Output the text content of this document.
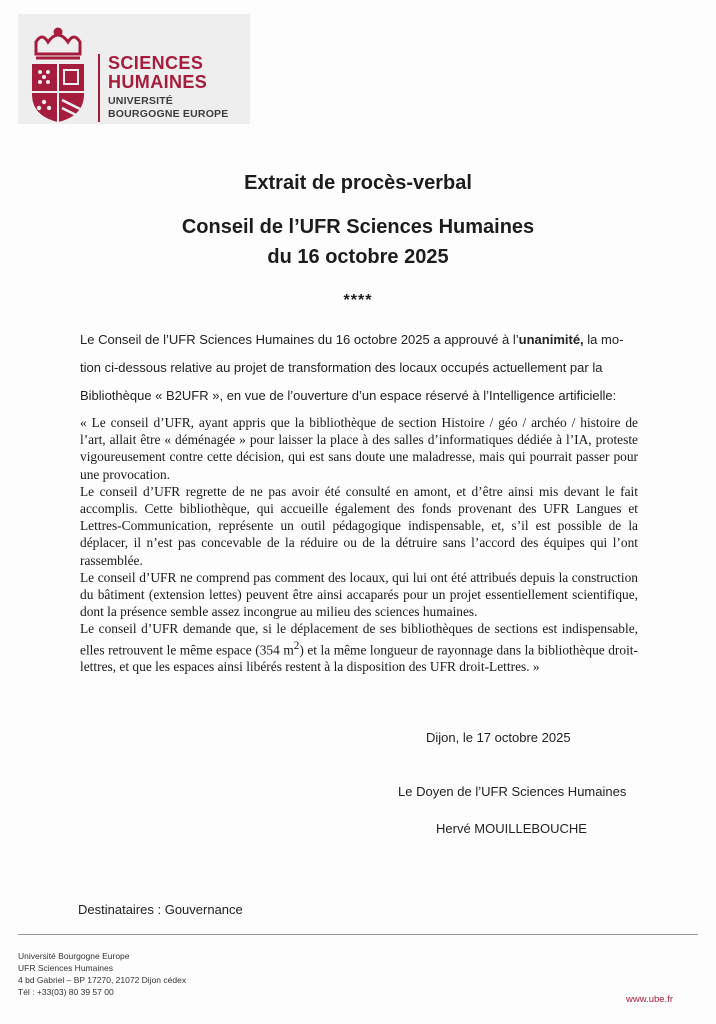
SCIENCES
HUMAINES
UNIVERSITÉ
BOURGOGNE EUROPE
Extrait de procès-verbal
Conseil de l’UFR Sciences Humaines
du 16 octobre 2025
****
Le Conseil de l’UFR Sciences Humaines du 16 octobre 2025 a approuvé à l’unanimité, la mo-
tion ci-dessous relative au projet de transformation des locaux occupés actuellement par la
Bibliothèque « B2UFR », en vue de l’ouverture d’un espace réservé à l’Intelligence artificielle:

« Le conseil d’UFR, ayant appris que la bibliothèque de section Histoire / géo / archéo / histoire de l’art, allait être « déménagée » pour laisser la place à des salles d’informatiques dédiée à l’IA, proteste vigoureusement contre cette décision, qui est sans doute une maladresse, mais qui pourrait passer pour une provocation.

Le conseil d’UFR regrette de ne pas avoir été consulté en amont, et d’être ainsi mis devant le fait accomplis. Cette bibliothèque, qui accueille également des fonds provenant des UFR Langues et Lettres-Communication, représente un outil pédagogique indispensable, et, s’il est possible de la déplacer, il n’est pas concevable de la réduire ou de la détruire sans l’accord des équipes qui l’ont rassemblée.

Le conseil d’UFR ne comprend pas comment des locaux, qui lui ont été attribués depuis la construction du bâtiment (extension lettes) peuvent être ainsi accaparés pour un projet essentiellement scientifique, dont la présence semble assez incongrue au milieu des sciences humaines.

Le conseil d’UFR demande que, si le déplacement de ses bibliothèques de sections est indispensable, elles retrouvent le même espace (354 $m^2$) et la même longueur de rayonnage dans la bibliothèque droit-lettres, et que les espaces ainsi libérés restent à la disposition des UFR droit-Lettres. »

Dijon, le 17 octobre 2025
Le Doyen de l’UFR Sciences Humaines
Hervé MOUILLEBOUCHE
Destinataires : Gouvernance
Université Bourgogne Europe
UFR Sciences Humaines
4 bd Gabriel – BP 17270, 21072 Dijon cédex
Tél : +33(03) 80 39 57 00
www.ube.fr
